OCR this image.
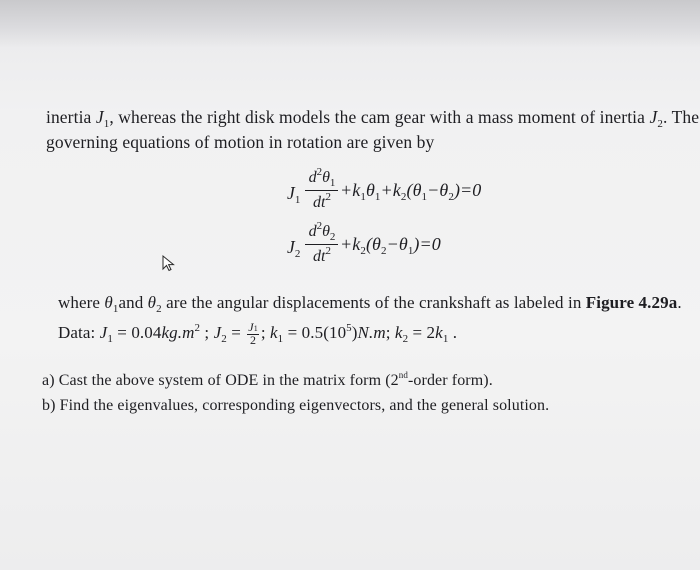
inertia $J_1$, whereas the right disk models the cam gear with a mass moment of inertia $J_2$. The
governing equations of motion in rotation are given by
$J_1$
$d^2\theta_1$
$dt^2 +k_1\theta_1+k_2(\theta_1-\theta_2)=0$
$J_2$
$d^2\theta_2$
$dt^2 +k_2(\theta_2-\theta_1)=0$
where $\theta_1and$ $\theta_2$ are the angular displacements of the crankshaft as labeled in Figure 4.29a.
Data: $J_1 = 0.04kg.m^2$ ; $J_2 = \frac{J1}{2}$ ; $k_1 = 0.5(10^5)N.m$; $k_2 = 2k_1$ .
a) Cast the above system of ODE in the matrix form (2nd-order form).
b) Find the eigenvalues, corresponding eigenvectors, and the general solution.
